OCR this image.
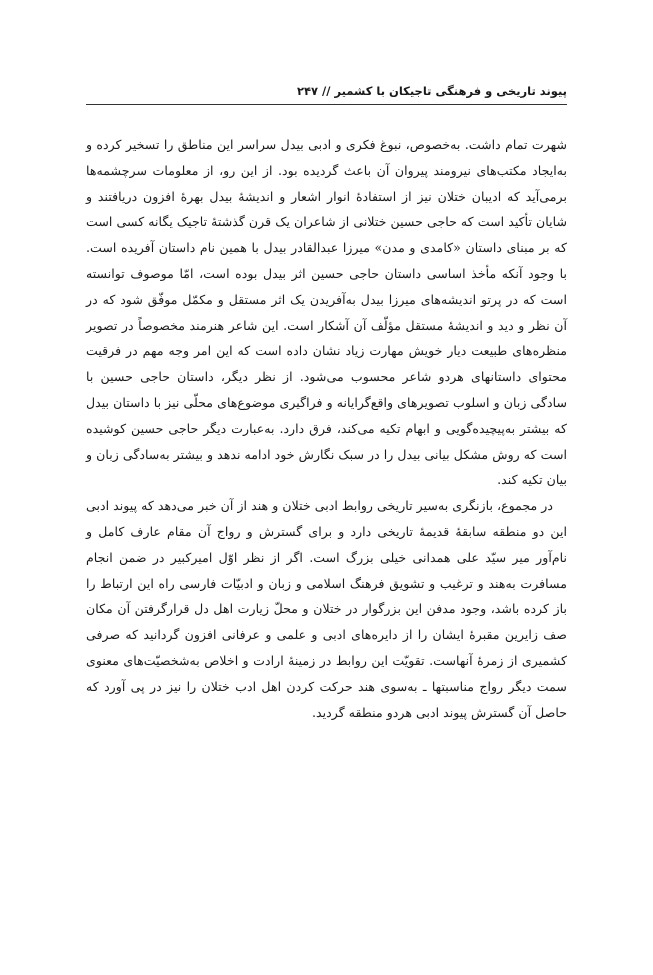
پیوند تاریخی و فرهنگی تاجیکان با کشمیر // ۲۴۷

شهرت تمام داشت. به‌خصوص، نبوغ فکری و ادبی بیدل سراسر این مناطق را تسخیر کرده و به‌ایجاد مکتب‌های نیرومند پیروان آن باعث گردیده بود. از این رو، از معلومات سرچشمه‌ها برمی‌آید که ادیبان ختلان نیز از استفادهٔ انوار اشعار و اندیشهٔ بیدل بهرهٔ افزون دریافتند و شایان تأکید است که حاجی حسین ختلانی از شاعران یک قرن گذشتهٔ تاجیک یگانه کسی است که بر مبنای داستان «کامدی و مدن» میرزا عبدالقادر بیدل با همین نام داستان آفریده است. با وجود آنکه مأخذ اساسی داستان حاجی حسین اثر بیدل بوده است، امّا موصوف توانسته است که در پرتو اندیشه‌های میرزا بیدل به‌آفریدن یک اثر مستقل و مکمّل موفّق شود که در آن نظر و دید و اندیشهٔ مستقل مؤلّف آن آشکار است. این شاعر هنرمند مخصوصاً در تصویر منظره‌های طبیعت دیار خویش مهارت زیاد نشان داده است که این امر وجه مهم در فرقیت محتوای داستانهای هردو شاعر محسوب می‌شود. از نظر دیگر، داستان حاجی حسین با سادگی زبان و اسلوب تصویرهای واقع‌گرایانه و فراگیری موضوع‌های محلّی نیز با داستان بیدل که بیشتر به‌پیچیده‌گویی و ابهام تکیه می‌کند، فرق دارد. به‌عبارت دیگر حاجی حسین کوشیده است که روش مشکل بیانی بیدل را در سبک نگارش خود ادامه ندهد و بیشتر به‌سادگی زبان و بیان تکیه کند.

در مجموع، بازنگری به‌سیر تاریخی روابط ادبی ختلان و هند از آن خبر می‌دهد که پیوند ادبی این دو منطقه سابقهٔ قدیمهٔ تاریخی دارد و برای گسترش و رواج آن مقام عارف کامل و نام‌آور میر سیّد علی همدانی خیلی بزرگ است. اگر از نظر اوّل امیرکبیر در ضمن انجام مسافرت به‌هند و ترغیب و تشویق فرهنگ اسلامی و زبان و ادبیّات فارسی راه این ارتباط را باز کرده باشد، وجود مدفن این بزرگوار در ختلان و محلّ زیارت اهل دل قرارگرفتن آن مکان صف زایرین مقبرهٔ ایشان را از دایره‌های ادبی و علمی و عرفانی افزون گردانید که صرفی کشمیری از زمرهٔ آنهاست. تقویّت این روابط در زمینهٔ ارادت و اخلاص به‌شخصیّت‌های معنوی سمت دیگر رواج مناسبتها ـ به‌سوی هند حرکت کردن اهل ادب ختلان را نیز در پی آورد که حاصل آن گسترش پیوند ادبی هردو منطقه گردید.
